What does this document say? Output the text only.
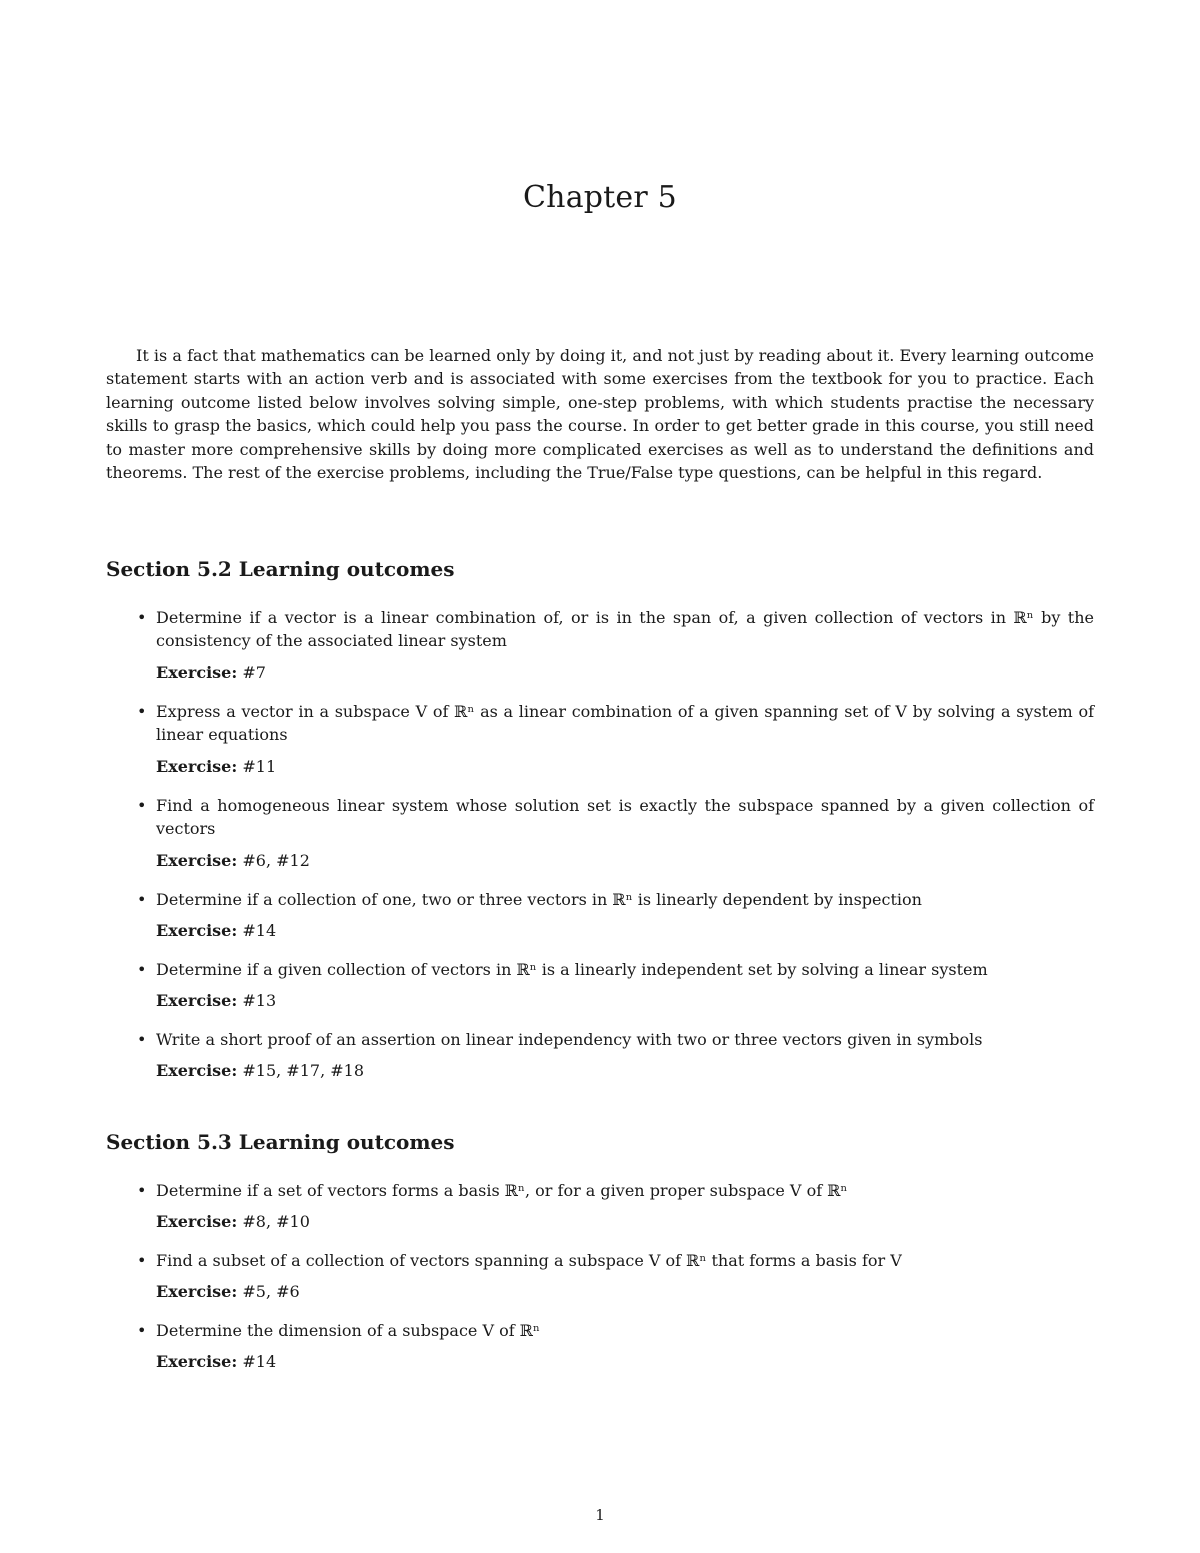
Chapter 5

It is a fact that mathematics can be learned only by doing it, and not just by reading about it. Every learning outcome statement starts with an action verb and is associated with some exercises from the textbook for you to practice. Each learning outcome listed below involves solving simple, one-step problems, with which students practise the necessary skills to grasp the basics, which could help you pass the course. In order to get better grade in this course, you still need to master more comprehensive skills by doing more complicated exercises as well as to understand the definitions and theorems. The rest of the exercise problems, including the True/False type questions, can be helpful in this regard.

Section 5.2 Learning outcomes
• Determine if a vector is a linear combination of, or is in the span of, a given collection of vectors in ℝⁿ by the consistency of the associated linear system
Exercise: #7
• Express a vector in a subspace V of ℝⁿ as a linear combination of a given spanning set of V by solving a system of linear equations
Exercise: #11
• Find a homogeneous linear system whose solution set is exactly the subspace spanned by a given collection of vectors
Exercise: #6, #12
• Determine if a collection of one, two or three vectors in ℝⁿ is linearly dependent by inspection
Exercise: #14
• Determine if a given collection of vectors in ℝⁿ is a linearly independent set by solving a linear system
Exercise: #13
• Write a short proof of an assertion on linear independency with two or three vectors given in symbols
Exercise: #15, #17, #18
Section 5.3 Learning outcomes
• Determine if a set of vectors forms a basis ℝⁿ, or for a given proper subspace V of ℝⁿ
Exercise: #8, #10
• Find a subset of a collection of vectors spanning a subspace V of ℝⁿ that forms a basis for V
Exercise: #5, #6
• Determine the dimension of a subspace V of ℝⁿ
Exercise: #14
1
